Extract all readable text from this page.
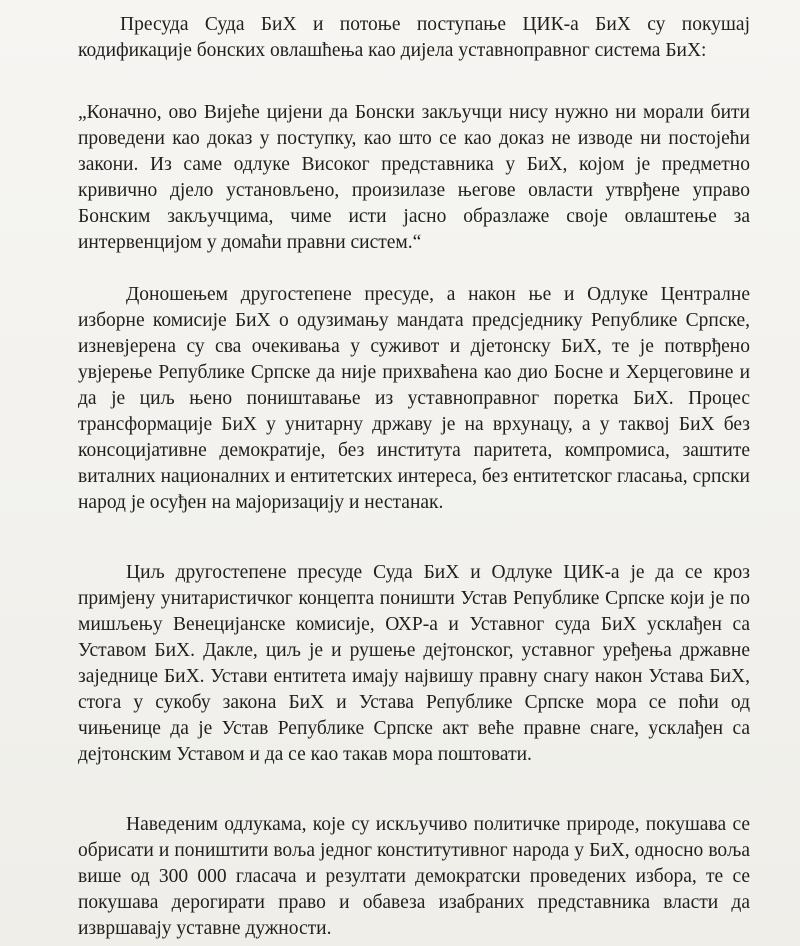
Пресуда Суда БиХ и потоње поступање ЦИК-а БиХ су покушај кодификације бонских овлашћења као дијела уставноправног система БиХ:

„Коначно, ово Вијеће цијени да Бонски закључци нису нужно ни морали бити проведени као доказ у поступку, као што се као доказ не изводе ни постојећи закони. Из саме одлуке Високог представника у БиХ, којом је предметно кривично дјело установљено, произилазе његове овласти утврђене управо Бонским закључцима, чиме исти јасно образлаже своје овлаштење за интервенцијом у домаћи правни систем.“

Доношењем другостепене пресуде, а након ње и Одлуке Централне изборне комисије БиХ о одузимању мандата предсједнику Републике Српске, изневјерена су сва очекивања у суживот и дјетонску БиХ, те је потврђено увјерење Републике Српске да није прихваћена као дио Босне и Херцеговине и да је циљ њено поништавање из уставноправног поретка БиХ. Процес трансформације БиХ у унитарну државу је на врхунацу, а у таквој БиХ без консоцијативне демократије, без института паритета, компромиса, заштите виталних националних и ентитетских интереса, без ентитетског гласања, српски народ је осуђен на мајоризацију и нестанак.

Циљ другостепене пресуде Суда БиХ и Одлуке ЦИК-а је да се кроз примјену унитаристичког концепта поништи Устав Републике Српске који је по мишљењу Венецијанске комисије, ОХР-а и Уставног суда БиХ усклађен са Уставом БиХ. Дакле, циљ је и рушење дејтонског, уставног уређења државне заједнице БиХ. Устави ентитета имају највишу правну снагу након Устава БиХ, стога у сукобу закона БиХ и Устава Републике Српске мора се поћи од чињенице да је Устав Републике Српске акт веће правне снаге, усклађен са дејтонским Уставом и да се као такав мора поштовати.

Наведеним одлукама, које су искључиво политичке природе, покушава се обрисати и поништити воља једног конститутивног народа у БиХ, односно воља више од 300 000 гласача и резултати демократски проведених избора, те се покушава дерогирати право и обавеза изабраних представника власти да извршавају уставне дужности.
